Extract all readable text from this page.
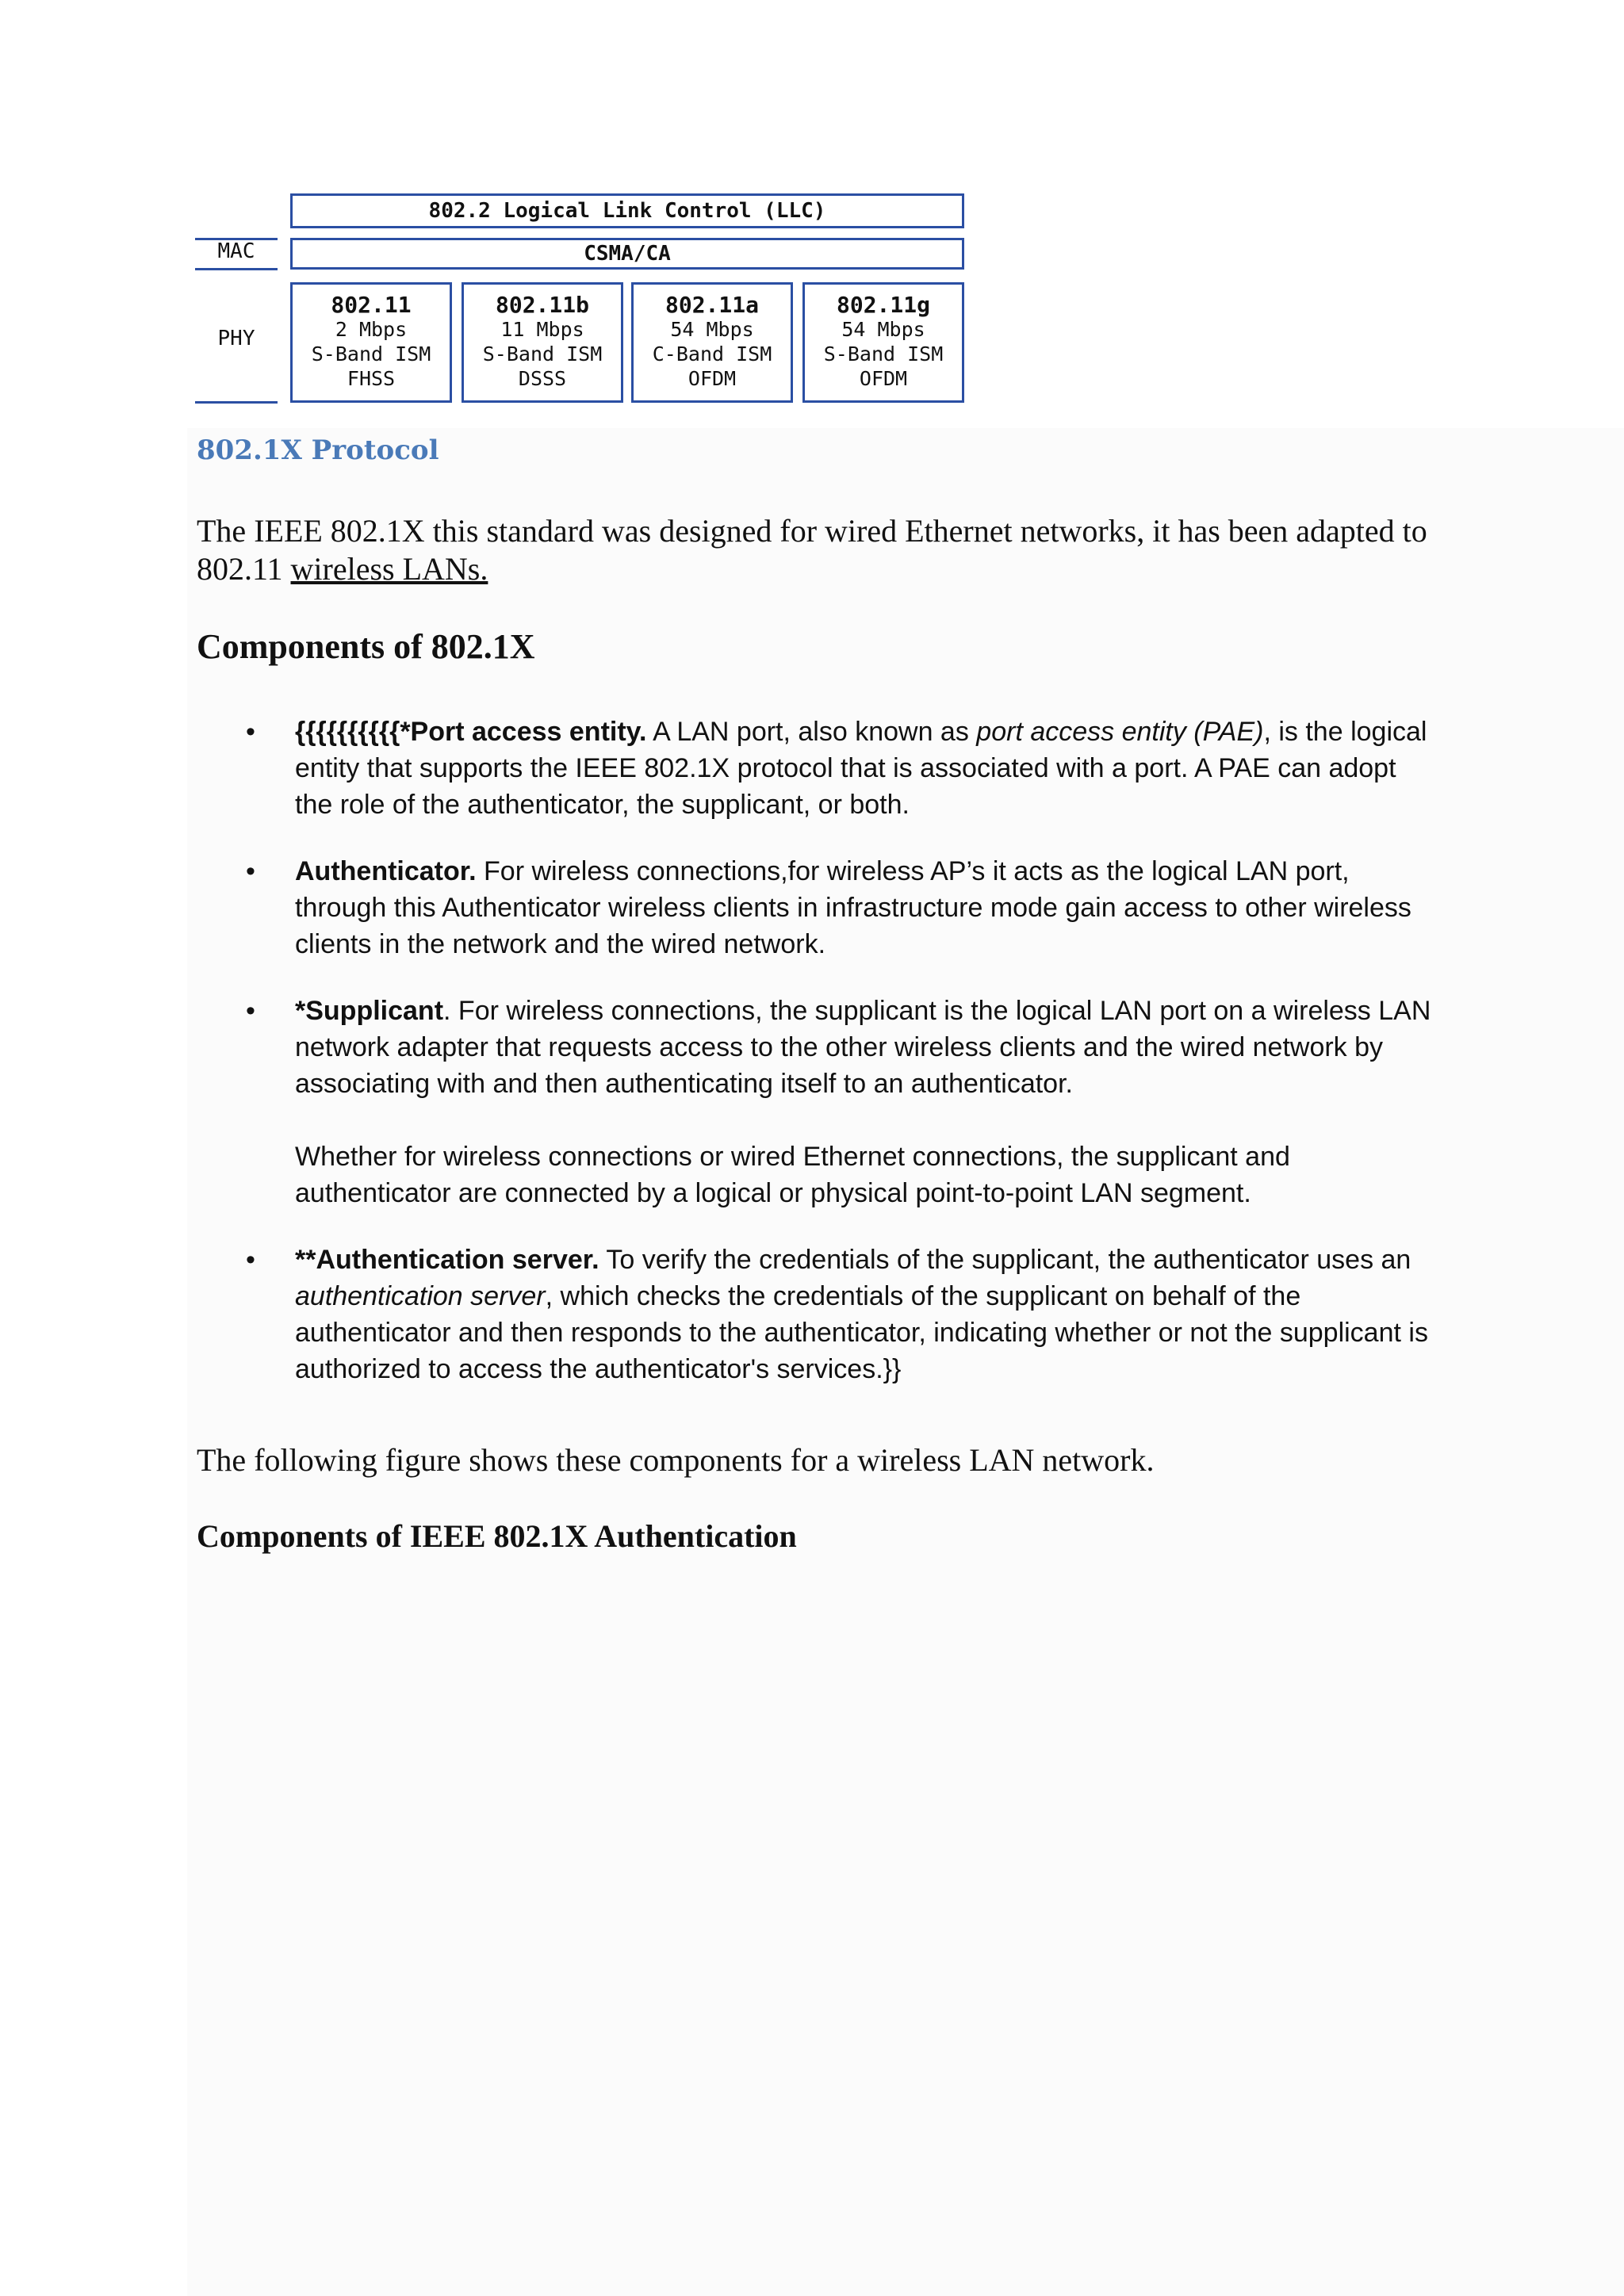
802.2 Logical Link Control (LLC)
CSMA/CA
MAC
PHY
802.11
2 Mbps
S-Band ISM
FHSS
802.11b
11 Mbps
S-Band ISM
DSSS
802.11a
54 Mbps
C-Band ISM
OFDM
802.11g
54 Mbps
S-Band ISM
OFDM
802.1X Protocol

The IEEE 802.1X this standard was designed for wired Ethernet networks, it has been adapted to 802.11 wireless LANs.

Components of 802.1X
• {{{{{{{{{{*Port access entity. A LAN port, also known as port access entity (PAE), is the logical entity that supports the IEEE 802.1X protocol that is associated with a port. A PAE can adopt the role of the authenticator, the supplicant, or both.
• Authenticator. For wireless connections,for wireless AP’s it acts as the logical LAN port, through this Authenticator wireless clients in infrastructure mode gain access to other wireless clients in the network and the wired network.
• *Supplicant. For wireless connections, the supplicant is the logical LAN port on a wireless LAN network adapter that requests access to the other wireless clients and the wired network by associating with and then authenticating itself to an authenticator.
Whether for wireless connections or wired Ethernet connections, the supplicant and authenticator are connected by a logical or physical point-to-point LAN segment.
• **Authentication server. To verify the credentials of the supplicant, the authenticator uses an authentication server, which checks the credentials of the supplicant on behalf of the authenticator and then responds to the authenticator, indicating whether or not the supplicant is authorized to access the authenticator's services.}}

The following figure shows these components for a wireless LAN network.

Components of IEEE 802.1X Authentication
